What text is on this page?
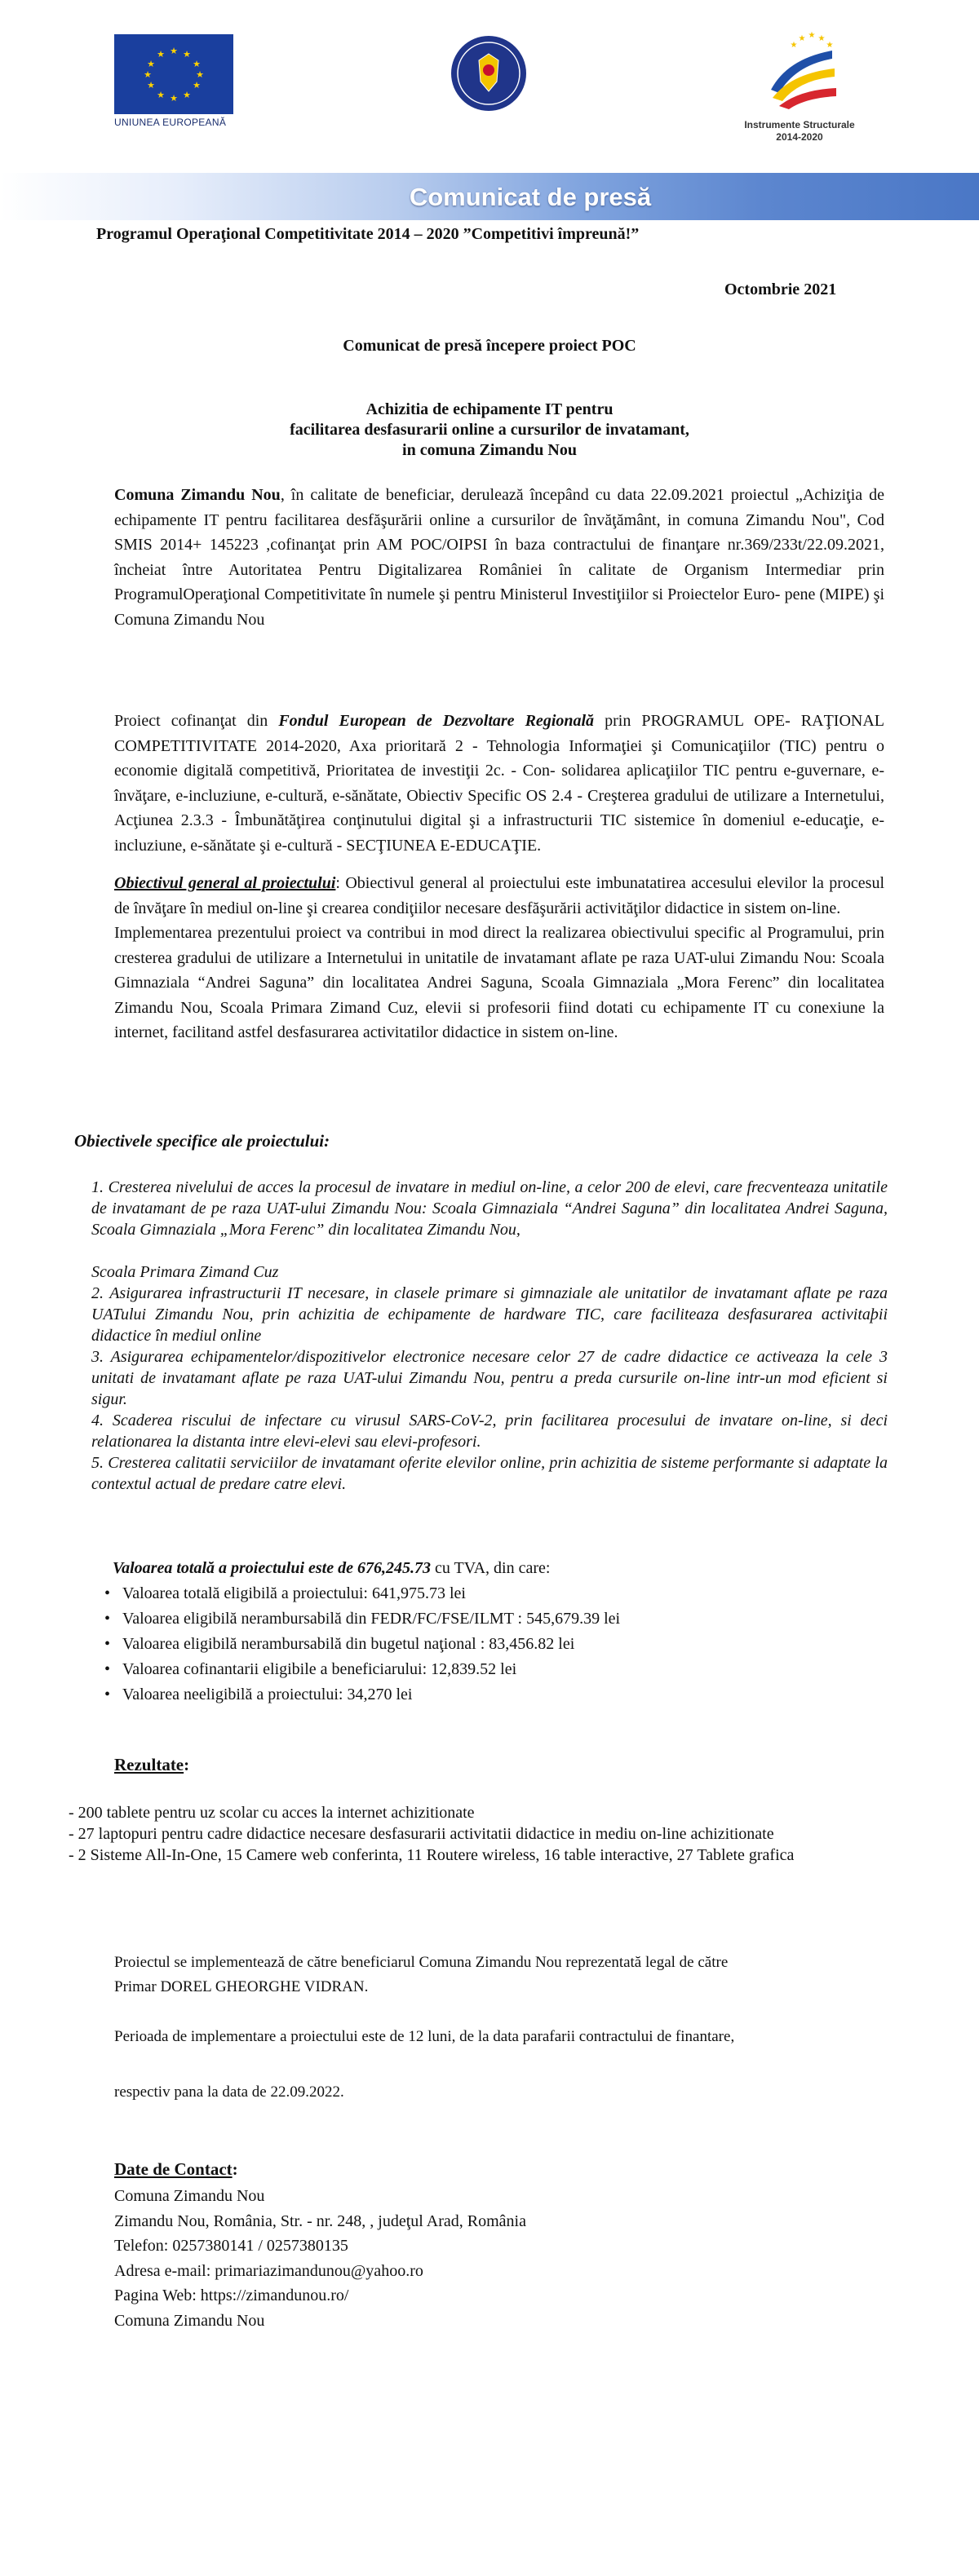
★ ★
★
★
★
★
★
★
★
★
★
★
UNIUNEA EUROPEANĂ
★ ★
★
★
★
Instrumente Structurale
2014-2020
Comunicat de presă
Programul Operaţional Competitivitate 2014 – 2020 ”Competitivi împreună!”
Octombrie 2021
Comunicat de presă începere proiect POC
Achizitia de echipamente IT pentru
facilitarea desfasurarii online a cursurilor de invatamant,
in comuna Zimandu Nou
Comuna Zimandu Nou, în calitate de beneficiar, derulează începând cu data 22.09.2021 proiectul „Achiziţia de echipamente IT pentru facilitarea desfăşurării online a cursurilor de învăţământ, in comuna Zimandu Nou", Cod SMIS 2014+ 145223 ,cofinanţat prin AM POC/OIPSI în baza contractului de finanţare nr.369/233t/22.09.2021, încheiat între Autoritatea Pentru Digitalizarea României în calitate de Organism Intermediar prin ProgramulOperaţional Competitivitate în numele şi pentru Ministerul Investiţiilor si Proiectelor Euro- pene (MIPE) şi Comuna Zimandu Nou
Proiect cofinanţat din Fondul European de Dezvoltare Regională prin PROGRAMUL OPE- RAŢIONAL COMPETITIVITATE 2014-2020, Axa prioritară 2 - Tehnologia Informaţiei şi Comunicaţiilor (TIC) pentru o economie digitală competitivă, Prioritatea de investiţii 2c. - Con- solidarea aplicaţiilor TIC pentru e-guvernare, e-învăţare, e-incluziune, e-cultură, e-sănătate, Obiectiv Specific OS 2.4 - Creşterea gradului de utilizare a Internetului, Acţiunea 2.3.3 - Îmbunătăţirea conţinutului digital şi a infrastructurii TIC sistemice în domeniul e-educaţie, e-incluziune, e-sănătate şi e-cultură - SECŢIUNEA E-EDUCAŢIE.
Obiectivul general al proiectului: Obiectivul general al proiectului este imbunatatirea accesului elevilor la procesul de învăţare în mediul on-line şi crearea condiţiilor necesare desfăşurării activităţilor didactice in sistem on-line.
Implementarea prezentului proiect va contribui in mod direct la realizarea obiectivului specific al Programului, prin cresterea gradului de utilizare a Internetului in unitatile de invatamant aflate pe raza UAT-ului Zimandu Nou: Scoala Gimnaziala “Andrei Saguna” din localitatea Andrei Saguna, Scoala Gimnaziala „Mora Ferenc” din localitatea Zimandu Nou, Scoala Primara Zimand Cuz, elevii si profesorii fiind dotati cu echipamente IT cu conexiune la internet, facilitand astfel desfasurarea activitatilor didactice in sistem on-line.
Obiectivele specifice ale proiectului:
1. Cresterea nivelului de acces la procesul de invatare in mediul on-line, a celor 200 de elevi, care frecventeaza unitatile de invatamant de pe raza UAT-ului Zimandu Nou: Scoala Gimnaziala “Andrei Saguna” din localitatea Andrei Saguna, Scoala Gimnaziala „Mora Ferenc” din localitatea Zimandu Nou,
Scoala Primara Zimand Cuz
2. Asigurarea infrastructurii IT necesare, in clasele primare si gimnaziale ale unitatilor de invatamant aflate pe raza UATului Zimandu Nou, prin achizitia de echipamente de hardware TIC, care faciliteaza desfasurarea activitaþii didactice în mediul online
3. Asigurarea echipamentelor/dispozitivelor electronice necesare celor 27 de cadre didactice ce activeaza la cele 3 unitati de invatamant aflate pe raza UAT-ului Zimandu Nou, pentru a preda cursurile on-line intr-un mod eficient si sigur.
4. Scaderea riscului de infectare cu virusul SARS-CoV-2, prin facilitarea procesului de invatare on-line, si deci relationarea la distanta intre elevi-elevi sau elevi-profesori.
5. Cresterea calitatii serviciilor de invatamant oferite elevilor online, prin achizitia de sisteme performante si adaptate la contextul actual de predare catre elevi.
Valoarea totală a proiectului este de 676,245.73 cu TVA, din care:
• Valoarea totală eligibilă a proiectului: 641,975.73 lei
• Valoarea eligibilă nerambursabilă din FEDR/FC/FSE/ILMT : 545,679.39 lei
• Valoarea eligibilă nerambursabilă din bugetul naţional : 83,456.82 lei
• Valoarea cofinantarii eligibile a beneficiarului: 12,839.52 lei
• Valoarea neeligibilă a proiectului: 34,270 lei
Rezultate:
- 200 tablete pentru uz scolar cu acces la internet achizitionate
- 27 laptopuri pentru cadre didactice necesare desfasurarii activitatii didactice in mediu on-line achizitionate
- 2 Sisteme All-In-One, 15 Camere web conferinta, 11 Routere wireless, 16 table interactive, 27 Tablete grafica
Proiectul se implementează de către beneficiarul Comuna Zimandu Nou reprezentată legal de către
Primar DOREL GHEORGHE VIDRAN.
Perioada de implementare a proiectului este de 12 luni, de la data parafarii contractului de finantare,
respectiv pana la data de 22.09.2022.
Date de Contact:
Comuna Zimandu Nou
Zimandu Nou, România, Str. - nr. 248, , judeţul Arad, România
Telefon: 0257380141 / 0257380135
Adresa e-mail: primariazimandunou@yahoo.ro
Pagina Web: https://zimandunou.ro/
Comuna Zimandu Nou
